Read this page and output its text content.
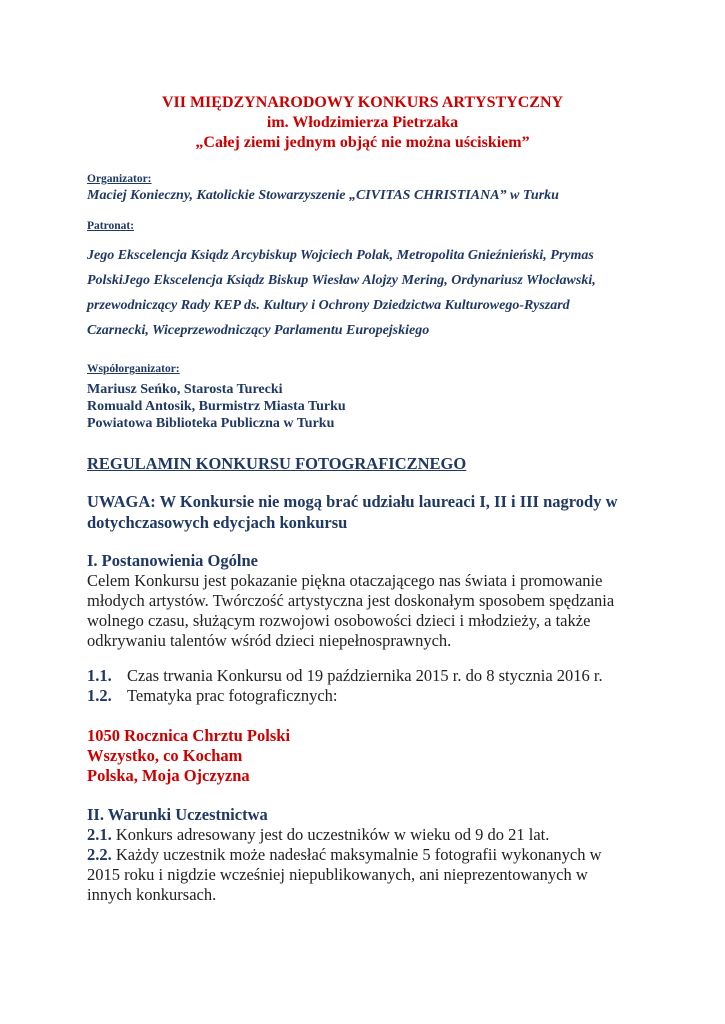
VII MIĘDZYNARODOWY KONKURS ARTYSTYCZNY
im. Włodzimierza Pietrzaka
„Całej ziemi jednym objąć nie można uściskiem”
Organizator:
Maciej Konieczny, Katolickie Stowarzyszenie „CIVITAS CHRISTIANA” w Turku
Patronat:
Jego Ekscelencja Ksiądz Arcybiskup Wojciech Polak, Metropolita Gnieźnieński, Prymas
PolskiJego Ekscelencja Ksiądz Biskup Wiesław Alojzy Mering, Ordynariusz Włocławski,
przewodniczący Rady KEP ds. Kultury i Ochrony Dziedzictwa Kulturowego-Ryszard
Czarnecki, Wiceprzewodniczący Parlamentu Europejskiego
Współorganizator:
Mariusz Seńko, Starosta Turecki
Romuald Antosik, Burmistrz Miasta Turku
Powiatowa Biblioteka Publiczna w Turku
REGULAMIN KONKURSU FOTOGRAFICZNEGO
UWAGA: W Konkursie nie mogą brać udziału laureaci I, II i III nagrody w
dotychczasowych edycjach konkursu
I. Postanowienia Ogólne
Celem Konkursu jest pokazanie piękna otaczającego nas świata i promowanie
młodych artystów. Twórczość artystyczna jest doskonałym sposobem spędzania
wolnego czasu, służącym rozwojowi osobowości dzieci i młodzieży, a także
odkrywaniu talentów wśród dzieci niepełnosprawnych.
1.1. Czas trwania Konkursu od 19 października 2015 r. do 8 stycznia 2016 r.
1.2. Tematyka prac fotograficznych:
1050 Rocznica Chrztu Polski
Wszystko, co Kocham
Polska, Moja Ojczyzna
II. Warunki Uczestnictwa
2.1. Konkurs adresowany jest do uczestników w wieku od 9 do 21 lat.
2.2. Każdy uczestnik może nadesłać maksymalnie 5 fotografii wykonanych w
2015 roku i nigdzie wcześniej niepublikowanych, ani nieprezentowanych w
innych konkursach.
